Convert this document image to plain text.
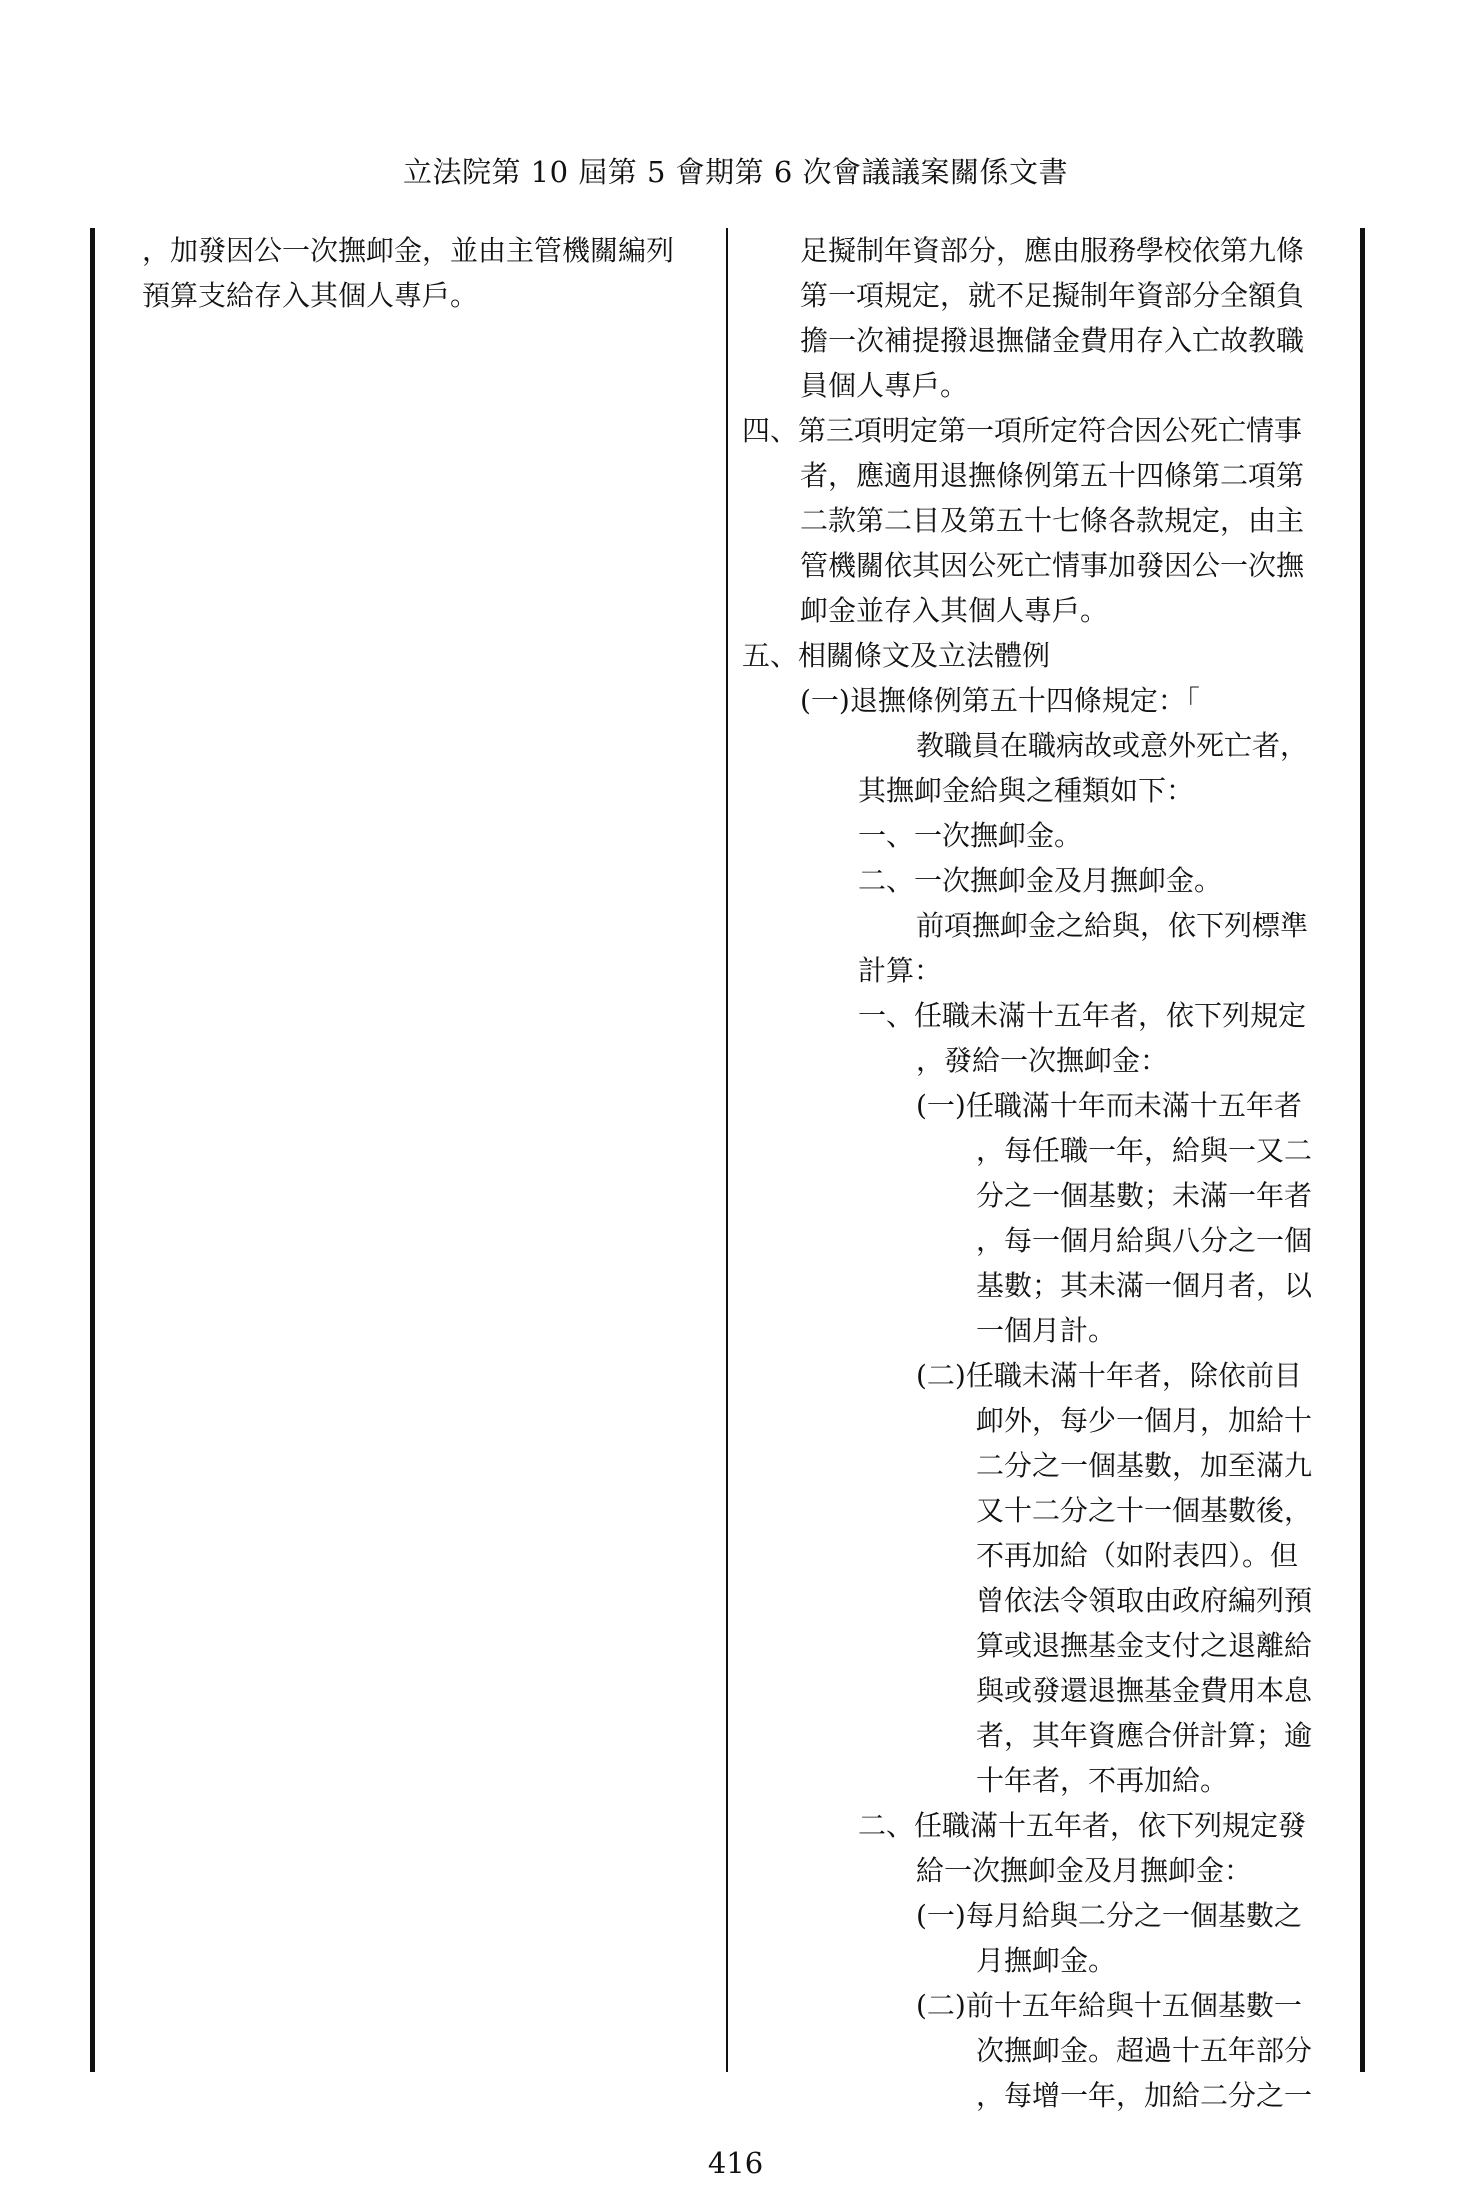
立法院第 10 屆第 5 會期第 6 次會議議案關係文書
，加發因公一次撫卹金，並由主管機關編列
預算支給存入其個人專戶。
足擬制年資部分，應由服務學校依第九條
第一項規定，就不足擬制年資部分全額負
擔一次補提撥退撫儲金費用存入亡故教職
員個人專戶。
四、第三項明定第一項所定符合因公死亡情事
者，應適用退撫條例第五十四條第二項第
二款第二目及第五十七條各款規定，由主
管機關依其因公死亡情事加發因公一次撫
卹金並存入其個人專戶。
五、相關條文及立法體例
(一)退撫條例第五十四條規定：「
教職員在職病故或意外死亡者，
其撫卹金給與之種類如下：
一、一次撫卹金。
二、一次撫卹金及月撫卹金。
前項撫卹金之給與，依下列標準
計算：
一、任職未滿十五年者，依下列規定
，發給一次撫卹金：
(一)任職滿十年而未滿十五年者
，每任職一年，給與一又二
分之一個基數；未滿一年者
，每一個月給與八分之一個
基數；其未滿一個月者，以
一個月計。
(二)任職未滿十年者，除依前目
卹外，每少一個月，加給十
二分之一個基數，加至滿九
又十二分之十一個基數後，
不再加給（如附表四）。但
曾依法令領取由政府編列預
算或退撫基金支付之退離給
與或發還退撫基金費用本息
者，其年資應合併計算；逾
十年者，不再加給。
二、任職滿十五年者，依下列規定發
給一次撫卹金及月撫卹金：
(一)每月給與二分之一個基數之
月撫卹金。
(二)前十五年給與十五個基數一
次撫卹金。超過十五年部分
，每增一年，加給二分之一
416
